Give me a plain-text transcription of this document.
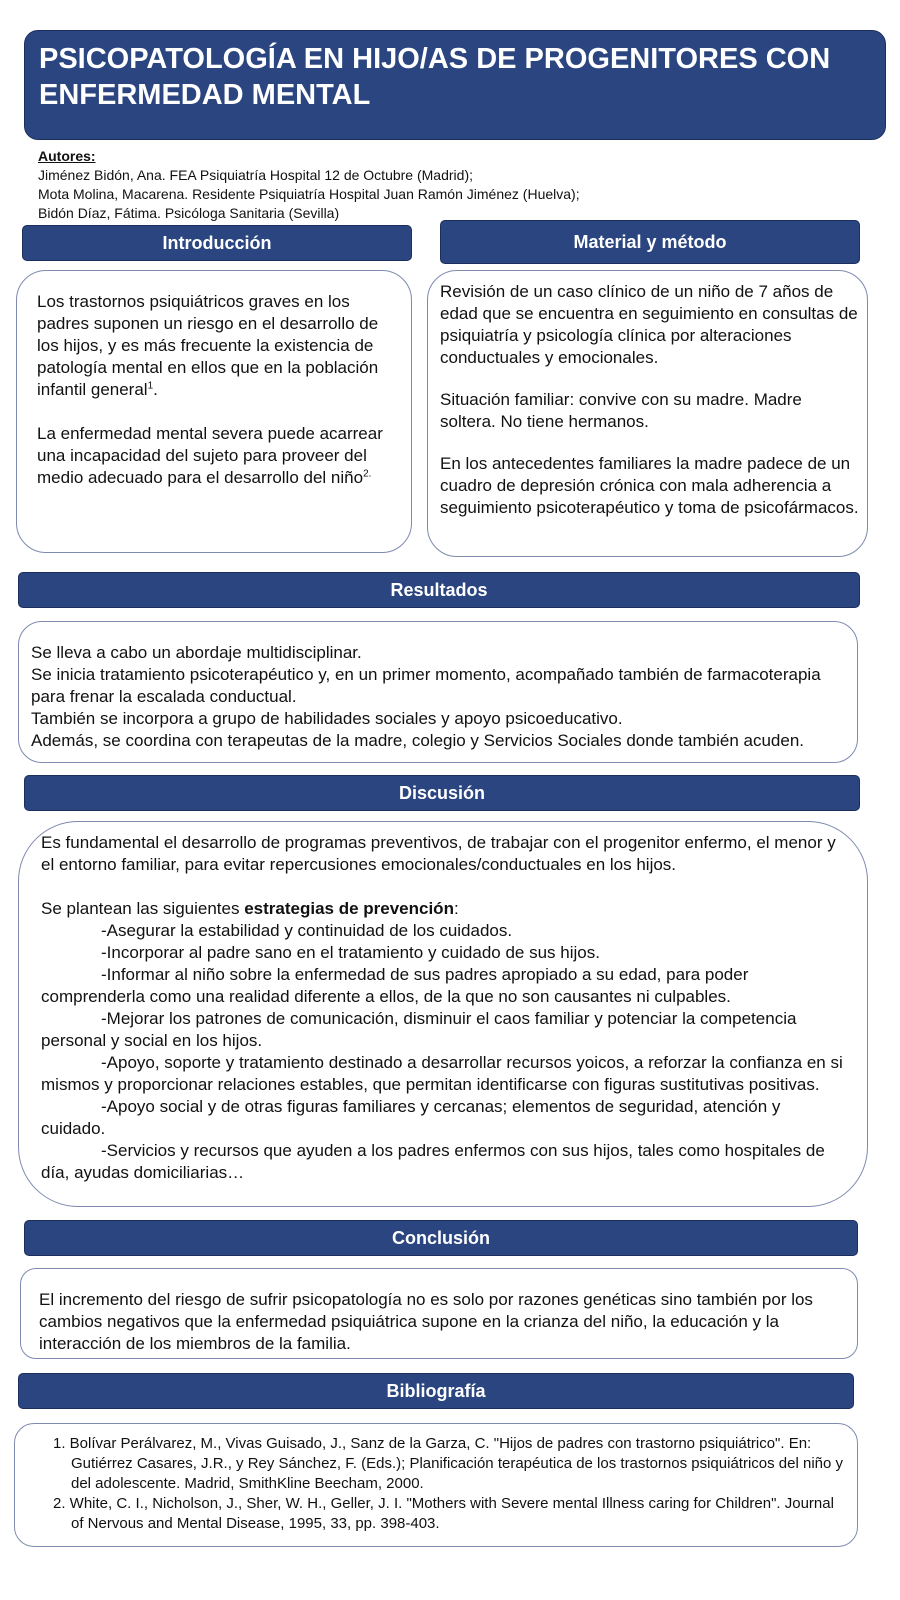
PSICOPATOLOGÍA EN HIJO/AS DE PROGENITORES CON ENFERMEDAD MENTAL
Autores:
Jiménez Bidón, Ana. FEA Psiquiatría Hospital 12 de Octubre (Madrid);
Mota Molina, Macarena. Residente Psiquiatría Hospital Juan Ramón Jiménez (Huelva);
Bidón Díaz, Fátima. Psicóloga Sanitaria (Sevilla)
Introducción

Los trastornos psiquiátricos graves en los padres suponen un riesgo en el desarrollo de los hijos, y es más frecuente la existencia de patología mental en ellos que en la población infantil general$^1$.

La enfermedad mental severa puede acarrear una incapacidad del sujeto para proveer del medio adecuado para el desarrollo del niño$^{2.}$

Material y método

Revisión de un caso clínico de un niño de 7 años de edad que se encuentra en seguimiento en consultas de psiquiatría y psicología clínica por alteraciones conductuales y emocionales.

Situación familiar: convive con su madre. Madre soltera. No tiene hermanos.

En los antecedentes familiares la madre padece de un cuadro de depresión crónica con mala adherencia a seguimiento psicoterapéutico y toma de psicofármacos.

Resultados

Se lleva a cabo un abordaje multidisciplinar.

Se inicia tratamiento psicoterapéutico y, en un primer momento, acompañado también de farmacoterapia para frenar la escalada conductual.

También se incorpora a grupo de habilidades sociales y apoyo psicoeducativo.

Además, se coordina con terapeutas de la madre, colegio y Servicios Sociales donde también acuden.

Discusión

Es fundamental el desarrollo de programas preventivos, de trabajar con el progenitor enfermo, el menor y el entorno familiar, para evitar repercusiones emocionales/conductuales en los hijos.

Se plantean las siguientes estrategias de prevención:

-Asegurar la estabilidad y continuidad de los cuidados.

-Incorporar al padre sano en el tratamiento y cuidado de sus hijos.

-Informar al niño sobre la enfermedad de sus padres apropiado a su edad, para poder comprenderla como una realidad diferente a ellos, de la que no son causantes ni culpables.

-Mejorar los patrones de comunicación, disminuir el caos familiar y potenciar la competencia personal y social en los hijos.

-Apoyo, soporte y tratamiento destinado a desarrollar recursos yoicos, a reforzar la confianza en si mismos y proporcionar relaciones estables, que permitan identificarse con figuras sustitutivas positivas.

-Apoyo social y de otras figuras familiares y cercanas; elementos de seguridad, atención y cuidado.

-Servicios y recursos que ayuden a los padres enfermos con sus hijos, tales como hospitales de día, ayudas domiciliarias…

Conclusión

El incremento del riesgo de sufrir psicopatología no es solo por razones genéticas sino también por los cambios negativos que la enfermedad psiquiátrica supone en la crianza del niño, la educación y la interacción de los miembros de la familia.

Bibliografía
1. Bolívar Perálvarez, M., Vivas Guisado, J., Sanz de la Garza, C. "Hijos de padres con trastorno psiquiátrico". En: Gutiérrez Casares, J.R., y Rey Sánchez, F. (Eds.); Planificación terapéutica de los trastornos psiquiátricos del niño y del adolescente. Madrid, SmithKline Beecham, 2000.
2. White, C. I., Nicholson, J., Sher, W. H., Geller, J. I. "Mothers with Severe mental Illness caring for Children". Journal of Nervous and Mental Disease, 1995, 33, pp. 398-403.
